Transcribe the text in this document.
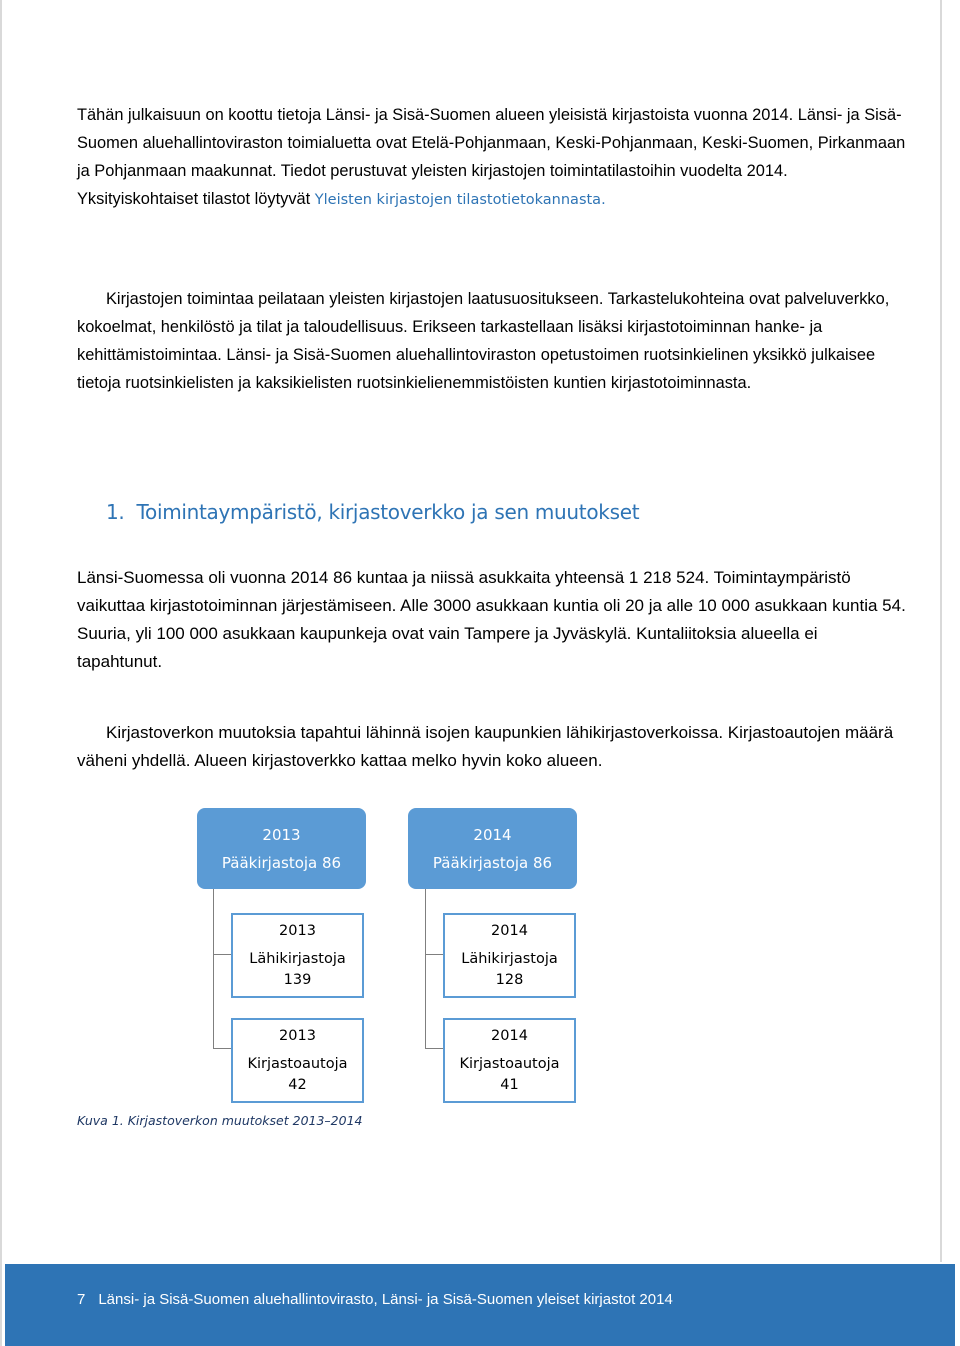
Tähän julkaisuun on koottu tietoja Länsi- ja Sisä-Suomen alueen yleisistä kirjastoista vuonna 2014. Länsi- ja Sisä-Suomen aluehallintoviraston toimialuetta ovat Etelä-Pohjanmaan, Keski-Pohjanmaan, Keski-Suomen, Pirkanmaan ja Pohjanmaan maakunnat. Tiedot perustuvat yleisten kirjastojen toimintatilastoihin vuodelta 2014. Yksityiskohtaiset tilastot löytyvät Yleisten kirjastojen tilastotietokannasta.

Kirjastojen toimintaa peilataan yleisten kirjastojen laatusuositukseen. Tarkastelukohteina ovat palveluverkko, kokoelmat, henkilöstö ja tilat ja taloudellisuus. Erikseen tarkastellaan lisäksi kirjastotoiminnan hanke- ja kehittämistoimintaa. Länsi- ja Sisä-Suomen aluehallintoviraston opetustoimen ruotsinkielinen yksikkö julkaisee tietoja ruotsinkielisten ja kaksikielisten ruotsinkielienemmistöisten kuntien kirjastotoiminnasta.

1. Toimintaympäristö, kirjastoverkko ja sen muutokset

Länsi-Suomessa oli vuonna 2014 86 kuntaa ja niissä asukkaita yhteensä 1 218 524. Toimintaympäristö vaikuttaa kirjastotoiminnan järjestämiseen. Alle 3000 asukkaan kuntia oli 20 ja alle 10 000 asukkaan kuntia 54. Suuria, yli 100 000 asukkaan kaupunkeja ovat vain Tampere ja Jyväskylä. Kuntaliitoksia alueella ei tapahtunut.

Kirjastoverkon muutoksia tapahtui lähinnä isojen kaupunkien lähikirjastoverkoissa. Kirjastoautojen määrä väheni yhdellä. Alueen kirjastoverkko kattaa melko hyvin koko alueen.

2013
Pääkirjastoja 86
2014
Pääkirjastoja 86
2013
Lähikirjastoja
139
2014
Lähikirjastoja
128
2013
Kirjastoautoja
42
2014
Kirjastoautoja
41

Kuva 1. Kirjastoverkon muutokset 2013–2014

7 Länsi- ja Sisä-Suomen aluehallintovirasto, Länsi- ja Sisä-Suomen yleiset kirjastot 2014
